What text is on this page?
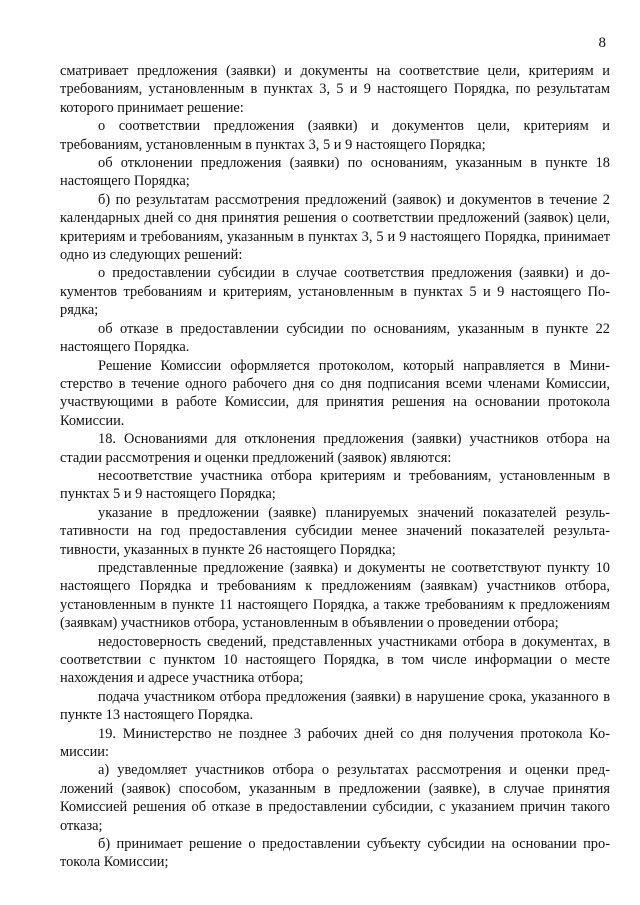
8

сматривает предложения (заявки) и документы на соответствие цели, критериям и требованиям, установленным в пунктах 3, 5 и 9 настоящего Порядка, по результатам которого принимает решение:

о соответствии предложения (заявки) и документов цели, критериям и требованиям, установленным в пунктах 3, 5 и 9 настоящего Порядка;

об отклонении предложения (заявки) по основаниям, указанным в пункте 18 настоящего Порядка;

б) по результатам рассмотрения предложений (заявок) и документов в течение 2 календарных дней со дня принятия решения о соответствии предложений (заявок) цели, критериям и требованиям, указанным в пунктах 3, 5 и 9 настоящего Порядка, принимает одно из следующих решений:

о предоставлении субсидии в случае соответствия предложения (заявки) и документов требованиям и критериям, установленным в пунктах 5 и 9 настоящего Порядка;

об отказе в предоставлении субсидии по основаниям, указанным в пункте 22 настоящего Порядка.

Решение Комиссии оформляется протоколом, который направляется в Министерство в течение одного рабочего дня со дня подписания всеми членами Комиссии, участвующими в работе Комиссии, для принятия решения на основании протокола Комиссии.

18. Основаниями для отклонения предложения (заявки) участников отбора на стадии рассмотрения и оценки предложений (заявок) являются:

несоответствие участника отбора критериям и требованиям, установленным в пунктах 5 и 9 настоящего Порядка;

указание в предложении (заявке) планируемых значений показателей результативности на год предоставления субсидии менее значений показателей результативности, указанных в пункте 26 настоящего Порядка;

представленные предложение (заявка) и документы не соответствуют пункту 10 настоящего Порядка и требованиям к предложениям (заявкам) участников отбора, установленным в пункте 11 настоящего Порядка, а также требованиям к предложениям (заявкам) участников отбора, установленным в объявлении о проведении отбора;

недостоверность сведений, представленных участниками отбора в документах, в соответствии с пунктом 10 настоящего Порядка, в том числе информации о месте нахождения и адресе участника отбора;

подача участником отбора предложения (заявки) в нарушение срока, указанного в пункте 13 настоящего Порядка.

19. Министерство не позднее 3 рабочих дней со дня получения протокола Комиссии:

а) уведомляет участников отбора о результатах рассмотрения и оценки предложений (заявок) способом, указанным в предложении (заявке), в случае принятия Комиссией решения об отказе в предоставлении субсидии, с указанием причин такого отказа;

б) принимает решение о предоставлении субъекту субсидии на основании протокола Комиссии;
